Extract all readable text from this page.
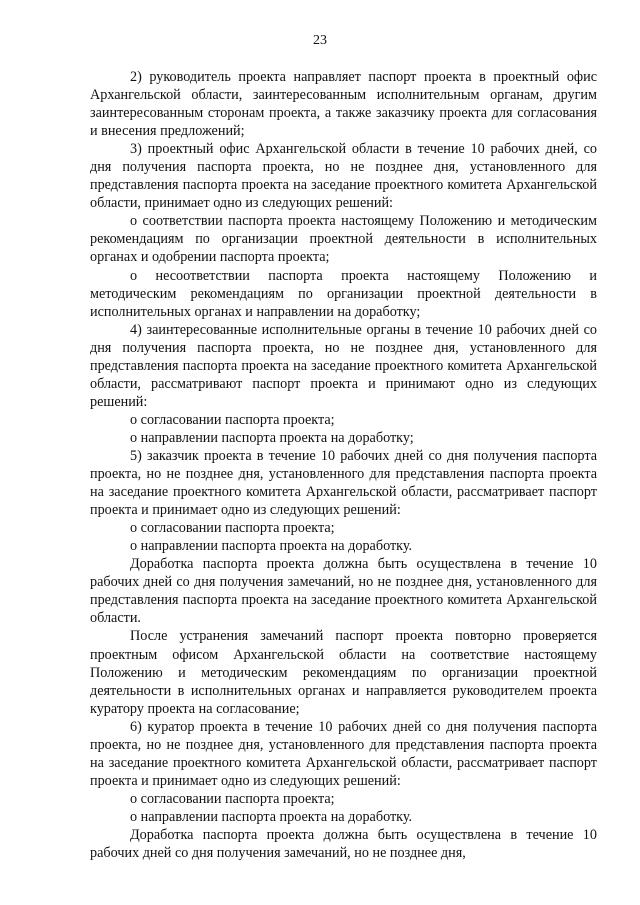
23

2) руководитель проекта направляет паспорт проекта в проектный офис Архангельской области, заинтересованным исполнительным органам, другим заинтересованным сторонам проекта, а также заказчику проекта для согласования и внесения предложений;

3) проектный офис Архангельской области в течение 10 рабочих дней, со дня получения паспорта проекта, но не позднее дня, установленного для представления паспорта проекта на заседание проектного комитета Архангельской области, принимает одно из следующих решений:

о соответствии паспорта проекта настоящему Положению и методическим рекомендациям по организации проектной деятельности в исполнительных органах и одобрении паспорта проекта;

о несоответствии паспорта проекта настоящему Положению и методическим рекомендациям по организации проектной деятельности в исполнительных органах и направлении на доработку;

4) заинтересованные исполнительные органы в течение 10 рабочих дней со дня получения паспорта проекта, но не позднее дня, установленного для представления паспорта проекта на заседание проектного комитета Архангельской области, рассматривают паспорт проекта и принимают одно из следующих решений:

о согласовании паспорта проекта;

о направлении паспорта проекта на доработку;

5) заказчик проекта в течение 10 рабочих дней со дня получения паспорта проекта, но не позднее дня, установленного для представления паспорта проекта на заседание проектного комитета Архангельской области, рассматривает паспорт проекта и принимает одно из следующих решений:

о согласовании паспорта проекта;

о направлении паспорта проекта на доработку.

Доработка паспорта проекта должна быть осуществлена в течение 10 рабочих дней со дня получения замечаний, но не позднее дня, установленного для представления паспорта проекта на заседание проектного комитета Архангельской области.

После устранения замечаний паспорт проекта повторно проверяется проектным офисом Архангельской области на соответствие настоящему Положению и методическим рекомендациям по организации проектной деятельности в исполнительных органах и направляется руководителем проекта куратору проекта на согласование;

6) куратор проекта в течение 10 рабочих дней со дня получения паспорта проекта, но не позднее дня, установленного для представления паспорта проекта на заседание проектного комитета Архангельской области, рассматривает паспорт проекта и принимает одно из следующих решений:

о согласовании паспорта проекта;

о направлении паспорта проекта на доработку.

Доработка паспорта проекта должна быть осуществлена в течение 10 рабочих дней со дня получения замечаний, но не позднее дня,
